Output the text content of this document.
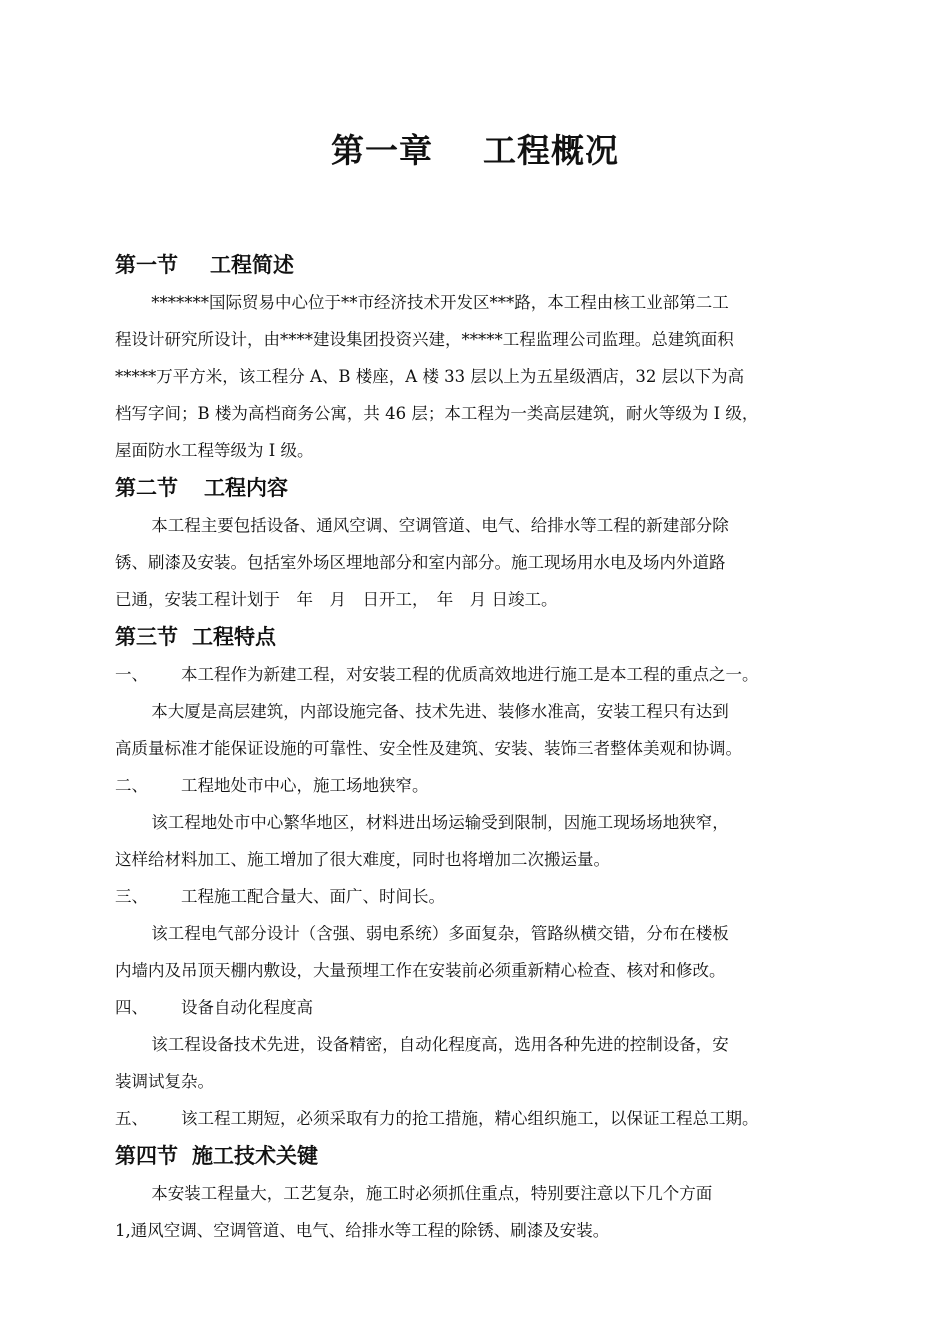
第一章 工程概况
第一节 工程简述

*******国际贸易中心位于**市经济技术开发区***路，本工程由核工业部第二工

程设计研究所设计，由****建设集团投资兴建，*****工程监理公司监理。总建筑面积

*****万平方米，该工程分 A、B 楼座，A 楼 33 层以上为五星级酒店，32 层以下为高

档写字间；B 楼为高档商务公寓，共 46 层；本工程为一类高层建筑，耐火等级为 I 级，

屋面防水工程等级为 I 级。

第二节 工程内容

本工程主要包括设备、通风空调、空调管道、电气、给排水等工程的新建部分除

锈、刷漆及安装。包括室外场区埋地部分和室内部分。施工现场用水电及场内外道路

已通，安装工程计划于　年　月　日开工，　年　月 日竣工。

第三节 工程特点

一、 本工程作为新建工程，对安装工程的优质高效地进行施工是本工程的重点之一。

本大厦是高层建筑，内部设施完备、技术先进、装修水准高，安装工程只有达到

高质量标准才能保证设施的可靠性、安全性及建筑、安装、装饰三者整体美观和协调。

二、 工程地处市中心，施工场地狭窄。

该工程地处市中心繁华地区，材料进出场运输受到限制，因施工现场场地狭窄，

这样给材料加工、施工增加了很大难度，同时也将增加二次搬运量。

三、 工程施工配合量大、面广、时间长。

该工程电气部分设计（含强、弱电系统）多面复杂，管路纵横交错，分布在楼板

内墙内及吊顶天棚内敷设，大量预埋工作在安装前必须重新精心检查、核对和修改。

四、 设备自动化程度高

该工程设备技术先进，设备精密，自动化程度高，选用各种先进的控制设备，安

装调试复杂。

五、 该工程工期短，必须采取有力的抢工措施，精心组织施工，以保证工程总工期。

第四节 施工技术关键

本安装工程量大，工艺复杂，施工时必须抓住重点，特别要注意以下几个方面

1,通风空调、空调管道、电气、给排水等工程的除锈、刷漆及安装。
